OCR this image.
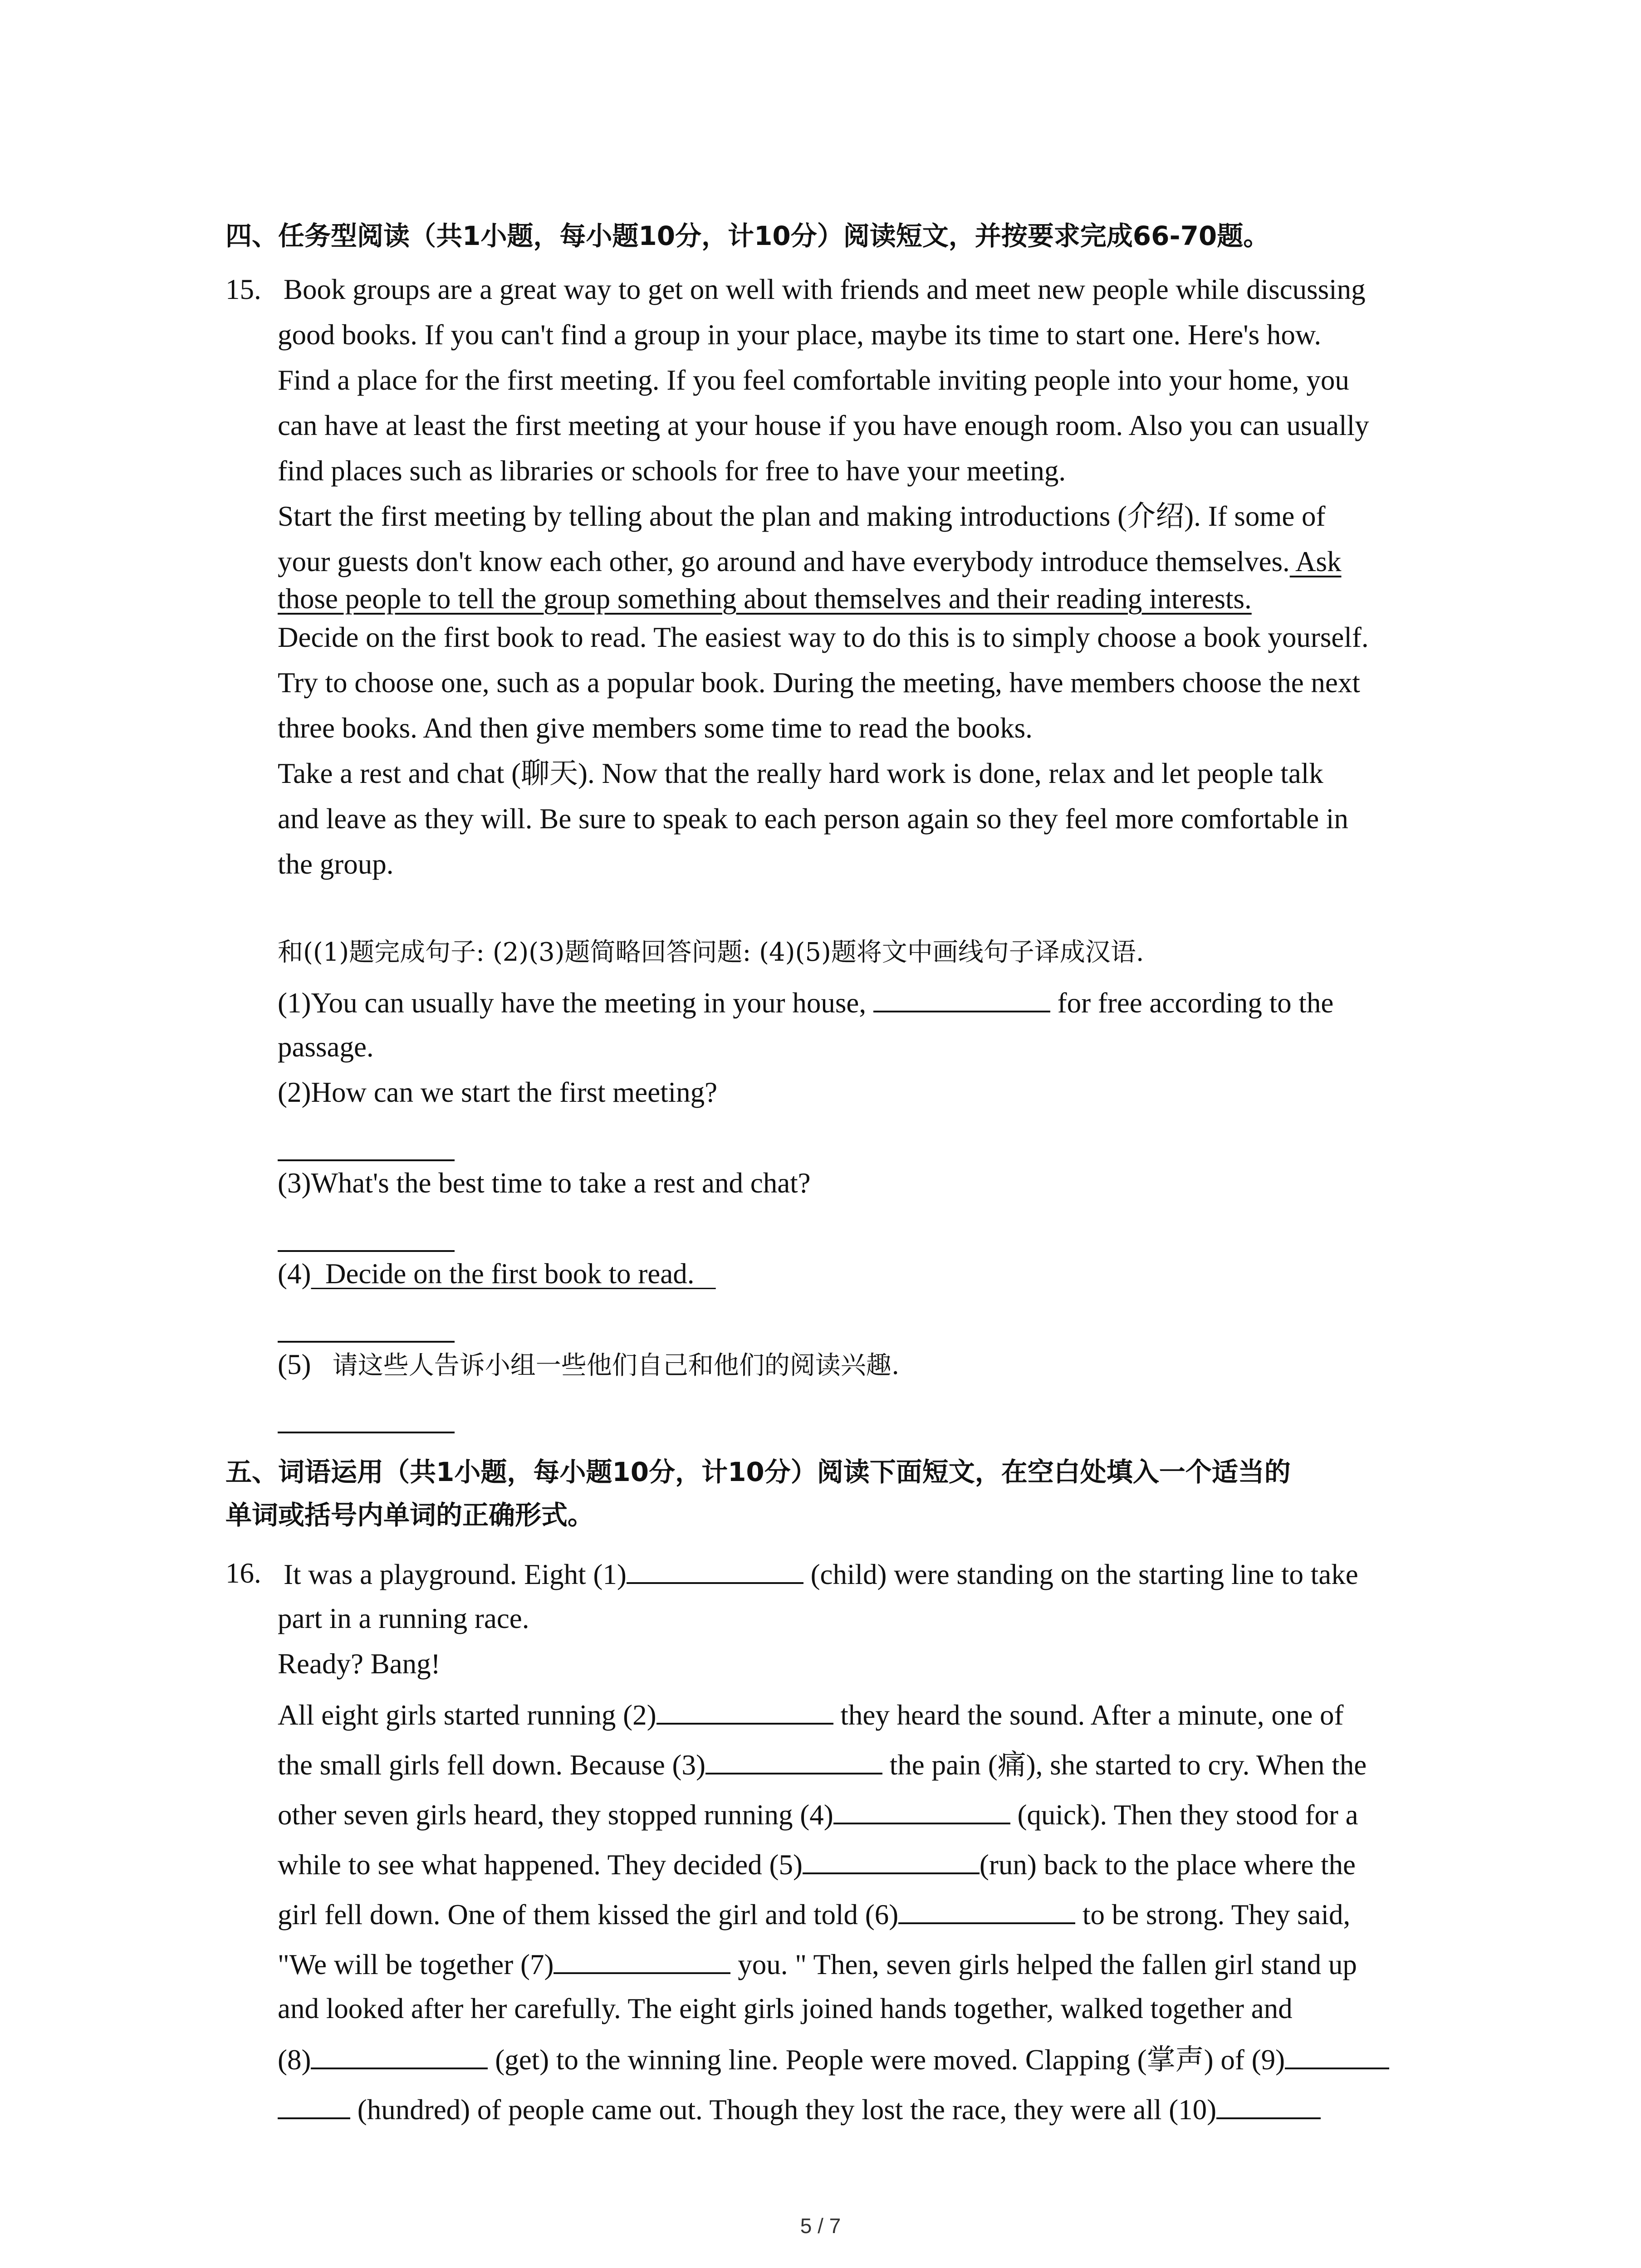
四、任务型阅读（共1小题，每小题10分，计10分）阅读短文，并按要求完成66-70题。
15. Book groups are a great way to get on well with friends and meet new people while discussing
good books. If you can't find a group in your place, maybe its time to start one. Here's how.
Find a place for the first meeting. If you feel comfortable inviting people into your home, you
can have at least the first meeting at your house if you have enough room. Also you can usually
find places such as libraries or schools for free to have your meeting.
Start the first meeting by telling about the plan and making introductions (介绍). If some of
your guests don't know each other, go around and have everybody introduce themselves. Ask
those people to tell the group something about themselves and their reading interests.
Decide on the first book to read. The easiest way to do this is to simply choose a book yourself.
Try to choose one, such as a popular book. During the meeting, have members choose the next
three books. And then give members some time to read the books.
Take a rest and chat (聊天). Now that the really hard work is done, relax and let people talk
and leave as they will. Be sure to speak to each person again so they feel more comfortable in
the group.
和((1)题完成句子: (2)(3)题简略回答问题: (4)(5)题将文中画线句子译成汉语.
(1)You can usually have the meeting in your house,	for free according to the
passage.
(2)How can we start the first meeting?
(3)What's the best time to take a rest and chat?
(4)  Decide on the first book to read.
(5) 请这些人告诉小组一些他们自己和他们的阅读兴趣.
五、词语运用（共1小题，每小题10分，计10分）阅读下面短文，在空白处填入一个适当的
单词或括号内单词的正确形式。
16. It was a playground. Eight (1)	(child) were standing on the starting line to take
part in a running race.
Ready? Bang!
All eight girls started running (2)	they heard the sound. After a minute, one of
the small girls fell down. Because (3)	the pain (痛), she started to cry. When the
other seven girls heard, they stopped running (4)	(quick). Then they stood for a
while to see what happened. They decided (5)	(run) back to the place where the
girl fell down. One of them kissed the girl and told (6)	to be strong. They said,
"We will be together (7)	you. " Then, seven girls helped the fallen girl stand up
and looked after her carefully. The eight girls joined hands together, walked together and
(8)	(get) to the winning line. People were moved. Clapping (掌声) of (9)
(hundred) of people came out. Though they lost the race, they were all (10)
5 / 7
